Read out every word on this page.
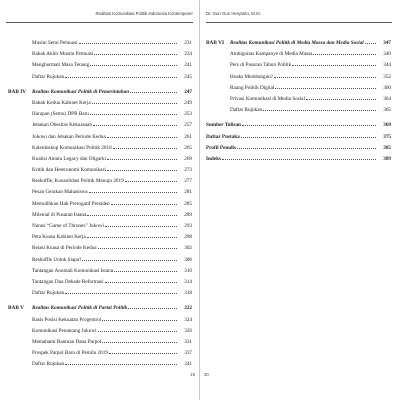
Realitas Komunikasi Politik Indonesia Kontemporer
Musim Semi Pemuasi	231
Babak Akhir Musim Pemuasi	234
Menghormati Masa Tenang	241
Daftar Rujukan	245
BAB IV	Realitas Komunikasi Politik di Pemerintahan	247
Babak Kedua Kabinet Kerja	249
Harapan (Semu) DPR Baru	253
Jebakan Obesitas Kekuasaan	257
Jokowi dan Jebakan Periode Kedua	261
Kaleidoskop Komunikasi Politik 2018	265
Koalisi Antara Legacy dan Oligarki	269
Kritik dan Heteronomi Komunikasi	273
Reshuffle, Konsolidasi Politik Menuju 2019	277
Pesan Gerakan Mahasiswa	281
Memulihkan Hak Prerogatif Presiden	285
Milenial di Pusaran Istana	289
Narasi “Game of Thrones” Jokowi	293
Peta Kuasa Kabinet Kerja	298
Relasi Kuasa di Periode Kedua	302
Reshuffle Untuk Siapa?	306
Tantangan Anomali Komunikasi Istana	310
Tantangan Dua Dekade Reformasi	314
Daftar Rujukan	318
BAB V	Realitas Komunikasi Politik di Partai Politik	322
Basis Posisi Kekuatan Progentrol	324
Komunikasi Penantang Jokowi	326
Memahami Bantuan Dana Parpol	331
Prospek Parpol Baru di Pemilu 2019	337
Daftar Rujukan	341
19
Dr. Gun Gun Heryanto, M.Si.
BAB VI	Realitas Komunikasi Politik di Media Massa dan Media Sosial	347
Ambiguitas Kampanye di Media Massa	340
Pers di Pusaran Tahun Politik	344
Hoaks Membangun?	352
Ruang Politik Digital	360
Privasi Komunikasi di Media Sosial	364
Daftar Rujukan	365
Sumber Tulisan	369
Daftar Pustaka	375
Profil Penulis	385
Indeks	389
20
